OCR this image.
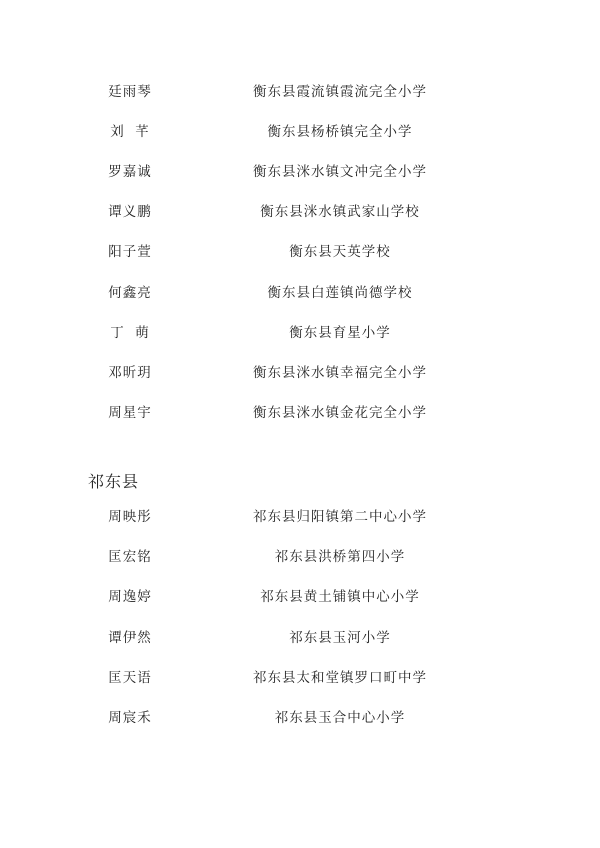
廷雨琴	衡东县霞流镇霞流完全小学
刘  芊	衡东县杨桥镇完全小学
罗嘉诚	衡东县洣水镇文冲完全小学
谭义鹏	衡东县洣水镇武家山学校
阳子萱	衡东县天英学校
何鑫亮	衡东县白莲镇尚德学校
丁  萌	衡东县育星小学
邓昕玥	衡东县洣水镇幸福完全小学
周星宇	衡东县洣水镇金花完全小学
祁东县
周映彤	祁东县归阳镇第二中心小学
匡宏铭	祁东县洪桥第四小学
周逸婷	祁东县黄土铺镇中心小学
谭伊然	祁东县玉河小学
匡天语	祁东县太和堂镇罗口町中学
周宸禾	祁东县玉合中心小学
